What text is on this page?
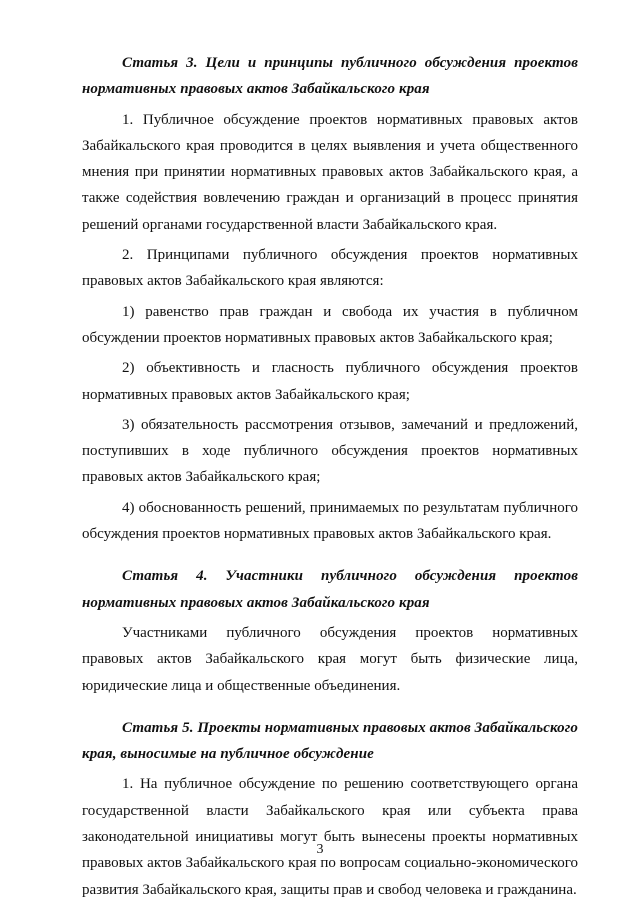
Статья 3. Цели и принципы публичного обсуждения проектов нормативных правовых актов Забайкальского края

1. Публичное обсуждение проектов нормативных правовых актов Забайкальского края проводится в целях выявления и учета общественного мнения при принятии нормативных правовых актов Забайкальского края, а также содействия вовлечению граждан и организаций в процесс принятия решений органами государственной власти Забайкальского края.

2. Принципами публичного обсуждения проектов нормативных правовых актов Забайкальского края являются:

1) равенство прав граждан и свобода их участия в публичном обсуждении проектов нормативных правовых актов Забайкальского края;

2) объективность и гласность публичного обсуждения проектов нормативных правовых актов Забайкальского края;

3) обязательность рассмотрения отзывов, замечаний и предложений, поступивших в ходе публичного обсуждения проектов нормативных правовых актов Забайкальского края;

4) обоснованность решений, принимаемых по результатам публичного обсуждения проектов нормативных правовых актов Забайкальского края.

Статья 4. Участники публичного обсуждения проектов нормативных правовых актов Забайкальского края

Участниками публичного обсуждения проектов нормативных правовых актов Забайкальского края могут быть физические лица, юридические лица и общественные объединения.

Статья 5. Проекты нормативных правовых актов Забайкальского края, выносимые на публичное обсуждение

1. На публичное обсуждение по решению соответствующего органа государственной власти Забайкальского края или субъекта права законодательной инициативы могут быть вынесены проекты нормативных правовых актов Забайкальского края по вопросам социально-экономического развития Забайкальского края, защиты прав и свобод человека и гражданина.

3
